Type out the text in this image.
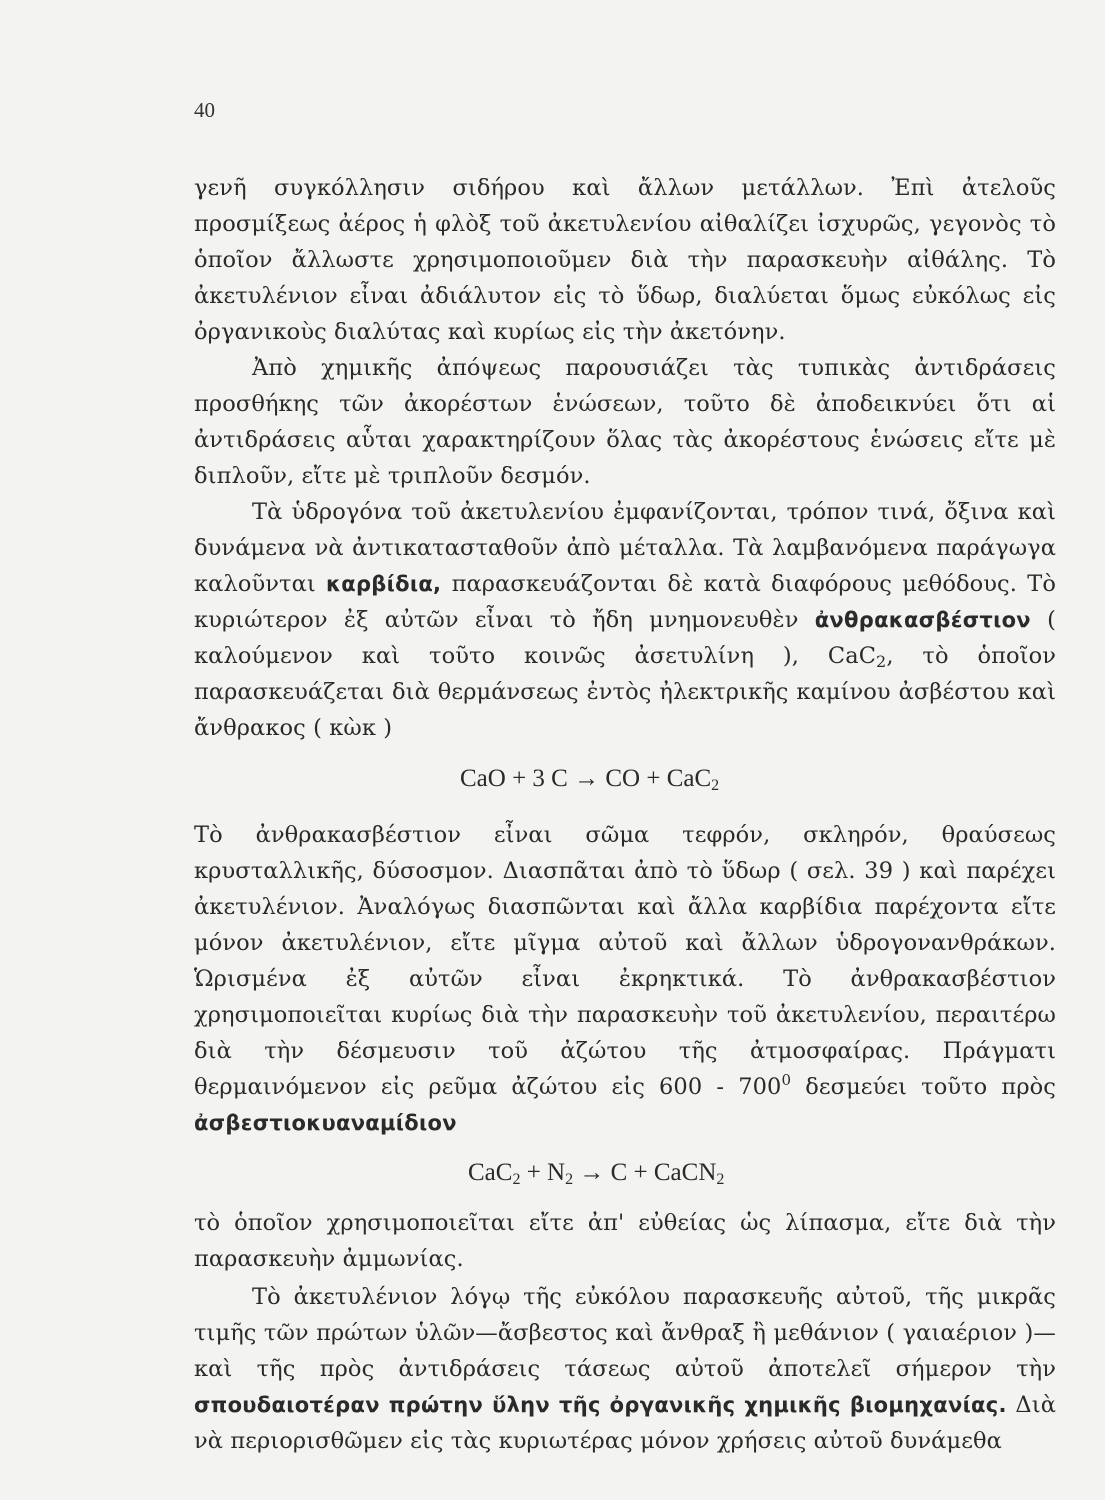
40

γενῆ συγκόλλησιν σιδήρου καὶ ἄλλων μετάλλων. Ἐπὶ ἀτελοῦς προσμίξεως ἀέρος ἡ φλὸξ τοῦ ἀκετυλενίου αἰθαλίζει ἰσχυρῶς, γεγονὸς τὸ ὁποῖον ἄλλωστε χρησιμοποιοῦμεν διὰ τὴν παρασκευὴν αἰθάλης. Τὸ ἀκετυλένιον εἶναι ἀδιάλυτον εἰς τὸ ὕδωρ, διαλύεται ὅμως εὐκόλως εἰς ὀργανικοὺς διαλύτας καὶ κυρίως εἰς τὴν ἀκετόνην.

Ἀπὸ χημικῆς ἀπόψεως παρουσιάζει τὰς τυπικὰς ἀντιδράσεις προσθήκης τῶν ἀκορέστων ἑνώσεων, τοῦτο δὲ ἀποδεικνύει ὅτι αἱ ἀντιδράσεις αὗται χαρακτηρίζουν ὅλας τὰς ἀκορέστους ἑνώσεις εἴτε μὲ διπλοῦν, εἴτε μὲ τριπλοῦν δεσμόν.

Τὰ ὑδρογόνα τοῦ ἀκετυλενίου ἐμφανίζονται, τρόπον τινά, ὄξινα καὶ δυνάμενα νὰ ἀντικατασταθοῦν ἀπὸ μέταλλα. Τὰ λαμβανόμενα παράγωγα καλοῦνται καρβίδια, παρασκευάζονται δὲ κατὰ διαφόρους μεθόδους. Τὸ κυριώτερον ἐξ αὐτῶν εἶναι τὸ ἤδη μνημονευθὲν ἀνθρακασβέστιον ( καλούμενον καὶ τοῦτο κοινῶς ἀσετυλίνη ), CaC$_2$, τὸ ὁποῖον παρασκευάζεται διὰ θερμάνσεως ἐντὸς ἠλεκτρικῆς καμίνου ἀσβέστου καὶ ἄνθρακος ( κὼκ )

CaO + 3 C → CO + CaC$_2$

Τὸ ἀνθρακασβέστιον εἶναι σῶμα τεφρόν, σκληρόν, θραύσεως κρυσταλλικῆς, δύσοσμον. Διασπᾶται ἀπὸ τὸ ὕδωρ ( σελ. 39 ) καὶ παρέχει ἀκετυλένιον. Ἀναλόγως διασπῶνται καὶ ἄλλα καρβίδια παρέχοντα εἴτε μόνον ἀκετυλένιον, εἴτε μῖγμα αὐτοῦ καὶ ἄλλων ὑδρογονανθράκων. Ὡρισμένα ἐξ αὐτῶν εἶναι ἐκρηκτικά. Τὸ ἀνθρακασβέστιον χρησιμοποιεῖται κυρίως διὰ τὴν παρασκευὴν τοῦ ἀκετυλενίου, περαιτέρω διὰ τὴν δέσμευσιν τοῦ ἀζώτου τῆς ἀτμοσφαίρας. Πράγματι θερμαινόμενον εἰς ρεῦμα ἀζώτου εἰς $600 - 700^0$ δεσμεύει τοῦτο πρὸς ἀσβεστιοκυαναμίδιον

$CaC_2 + N_2 \to C$ + CaCN$_2$

τὸ ὁποῖον χρησιμοποιεῖται εἴτε ἀπ' εὐθείας ὡς λίπασμα, εἴτε διὰ τὴν παρασκευὴν ἀμμωνίας.

Τὸ ἀκετυλένιον λόγῳ τῆς εὐκόλου παρασκευῆς αὐτοῦ, τῆς μικρᾶς τιμῆς τῶν πρώτων ὑλῶν—ἄσβεστος καὶ ἄνθραξ ἢ μεθάνιον ( γαιαέριον )—καὶ τῆς πρὸς ἀντιδράσεις τάσεως αὐτοῦ ἀποτελεῖ σήμερον τὴν σπουδαιοτέραν πρώτην ὕλην τῆς ὀργανικῆς χημικῆς βιομηχανίας. Διὰ νὰ περιορισθῶμεν εἰς τὰς κυριωτέρας μόνον χρήσεις αὐτοῦ δυνάμεθα
